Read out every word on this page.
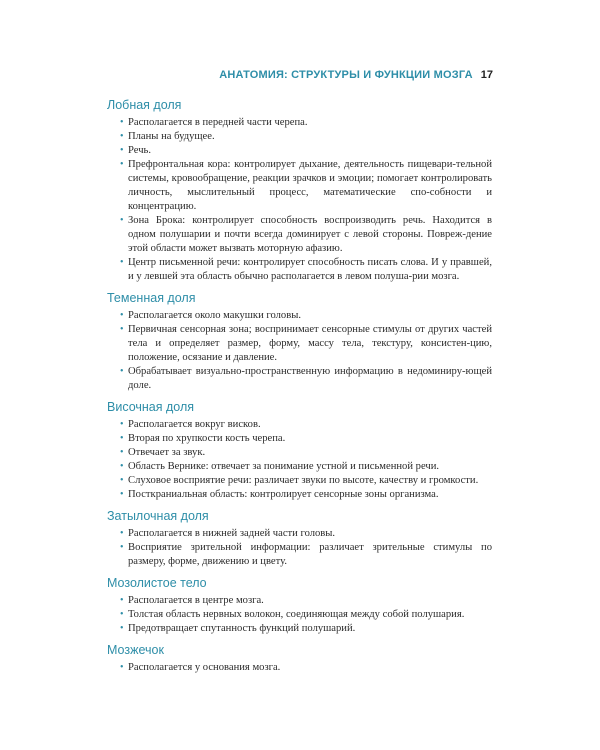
АНАТОМИЯ: СТРУКТУРЫ И ФУНКЦИИ МОЗГА 17
Лобная доля
• Располагается в передней части черепа.
• Планы на будущее.
• Речь.
• Префронтальная кора: контролирует дыхание, деятельность пищевари-тельной системы, кровообращение, реакции зрачков и эмоции; помогает контролировать личность, мыслительный процесс, математические спо-собности и концентрацию.
• Зона Брока: контролирует способность воспроизводить речь. Находится в одном полушарии и почти всегда доминирует с левой стороны. Повреж-дение этой области может вызвать моторную афазию.
• Центр письменной речи: контролирует способность писать слова. И у правшей, и у левшей эта область обычно располагается в левом полуша-рии мозга.
Теменная доля
• Располагается около макушки головы.
• Первичная сенсорная зона; воспринимает сенсорные стимулы от других частей тела и определяет размер, форму, массу тела, текстуру, консистен-цию, положение, осязание и давление.
• Обрабатывает визуально-пространственную информацию в недоминиру-ющей доле.
Височная доля
• Располагается вокруг висков.
• Вторая по хрупкости кость черепа.
• Отвечает за звук.
• Область Вернике: отвечает за понимание устной и письменной речи.
• Слуховое восприятие речи: различает звуки по высоте, качеству и громкости.
• Посткраниальная область: контролирует сенсорные зоны организма.
Затылочная доля
• Располагается в нижней задней части головы.
• Восприятие зрительной информации: различает зрительные стимулы по размеру, форме, движению и цвету.
Мозолистое тело
• Располагается в центре мозга.
• Толстая область нервных волокон, соединяющая между собой полушария.
• Предотвращает спутанность функций полушарий.
Мозжечок
• Располагается у основания мозга.
